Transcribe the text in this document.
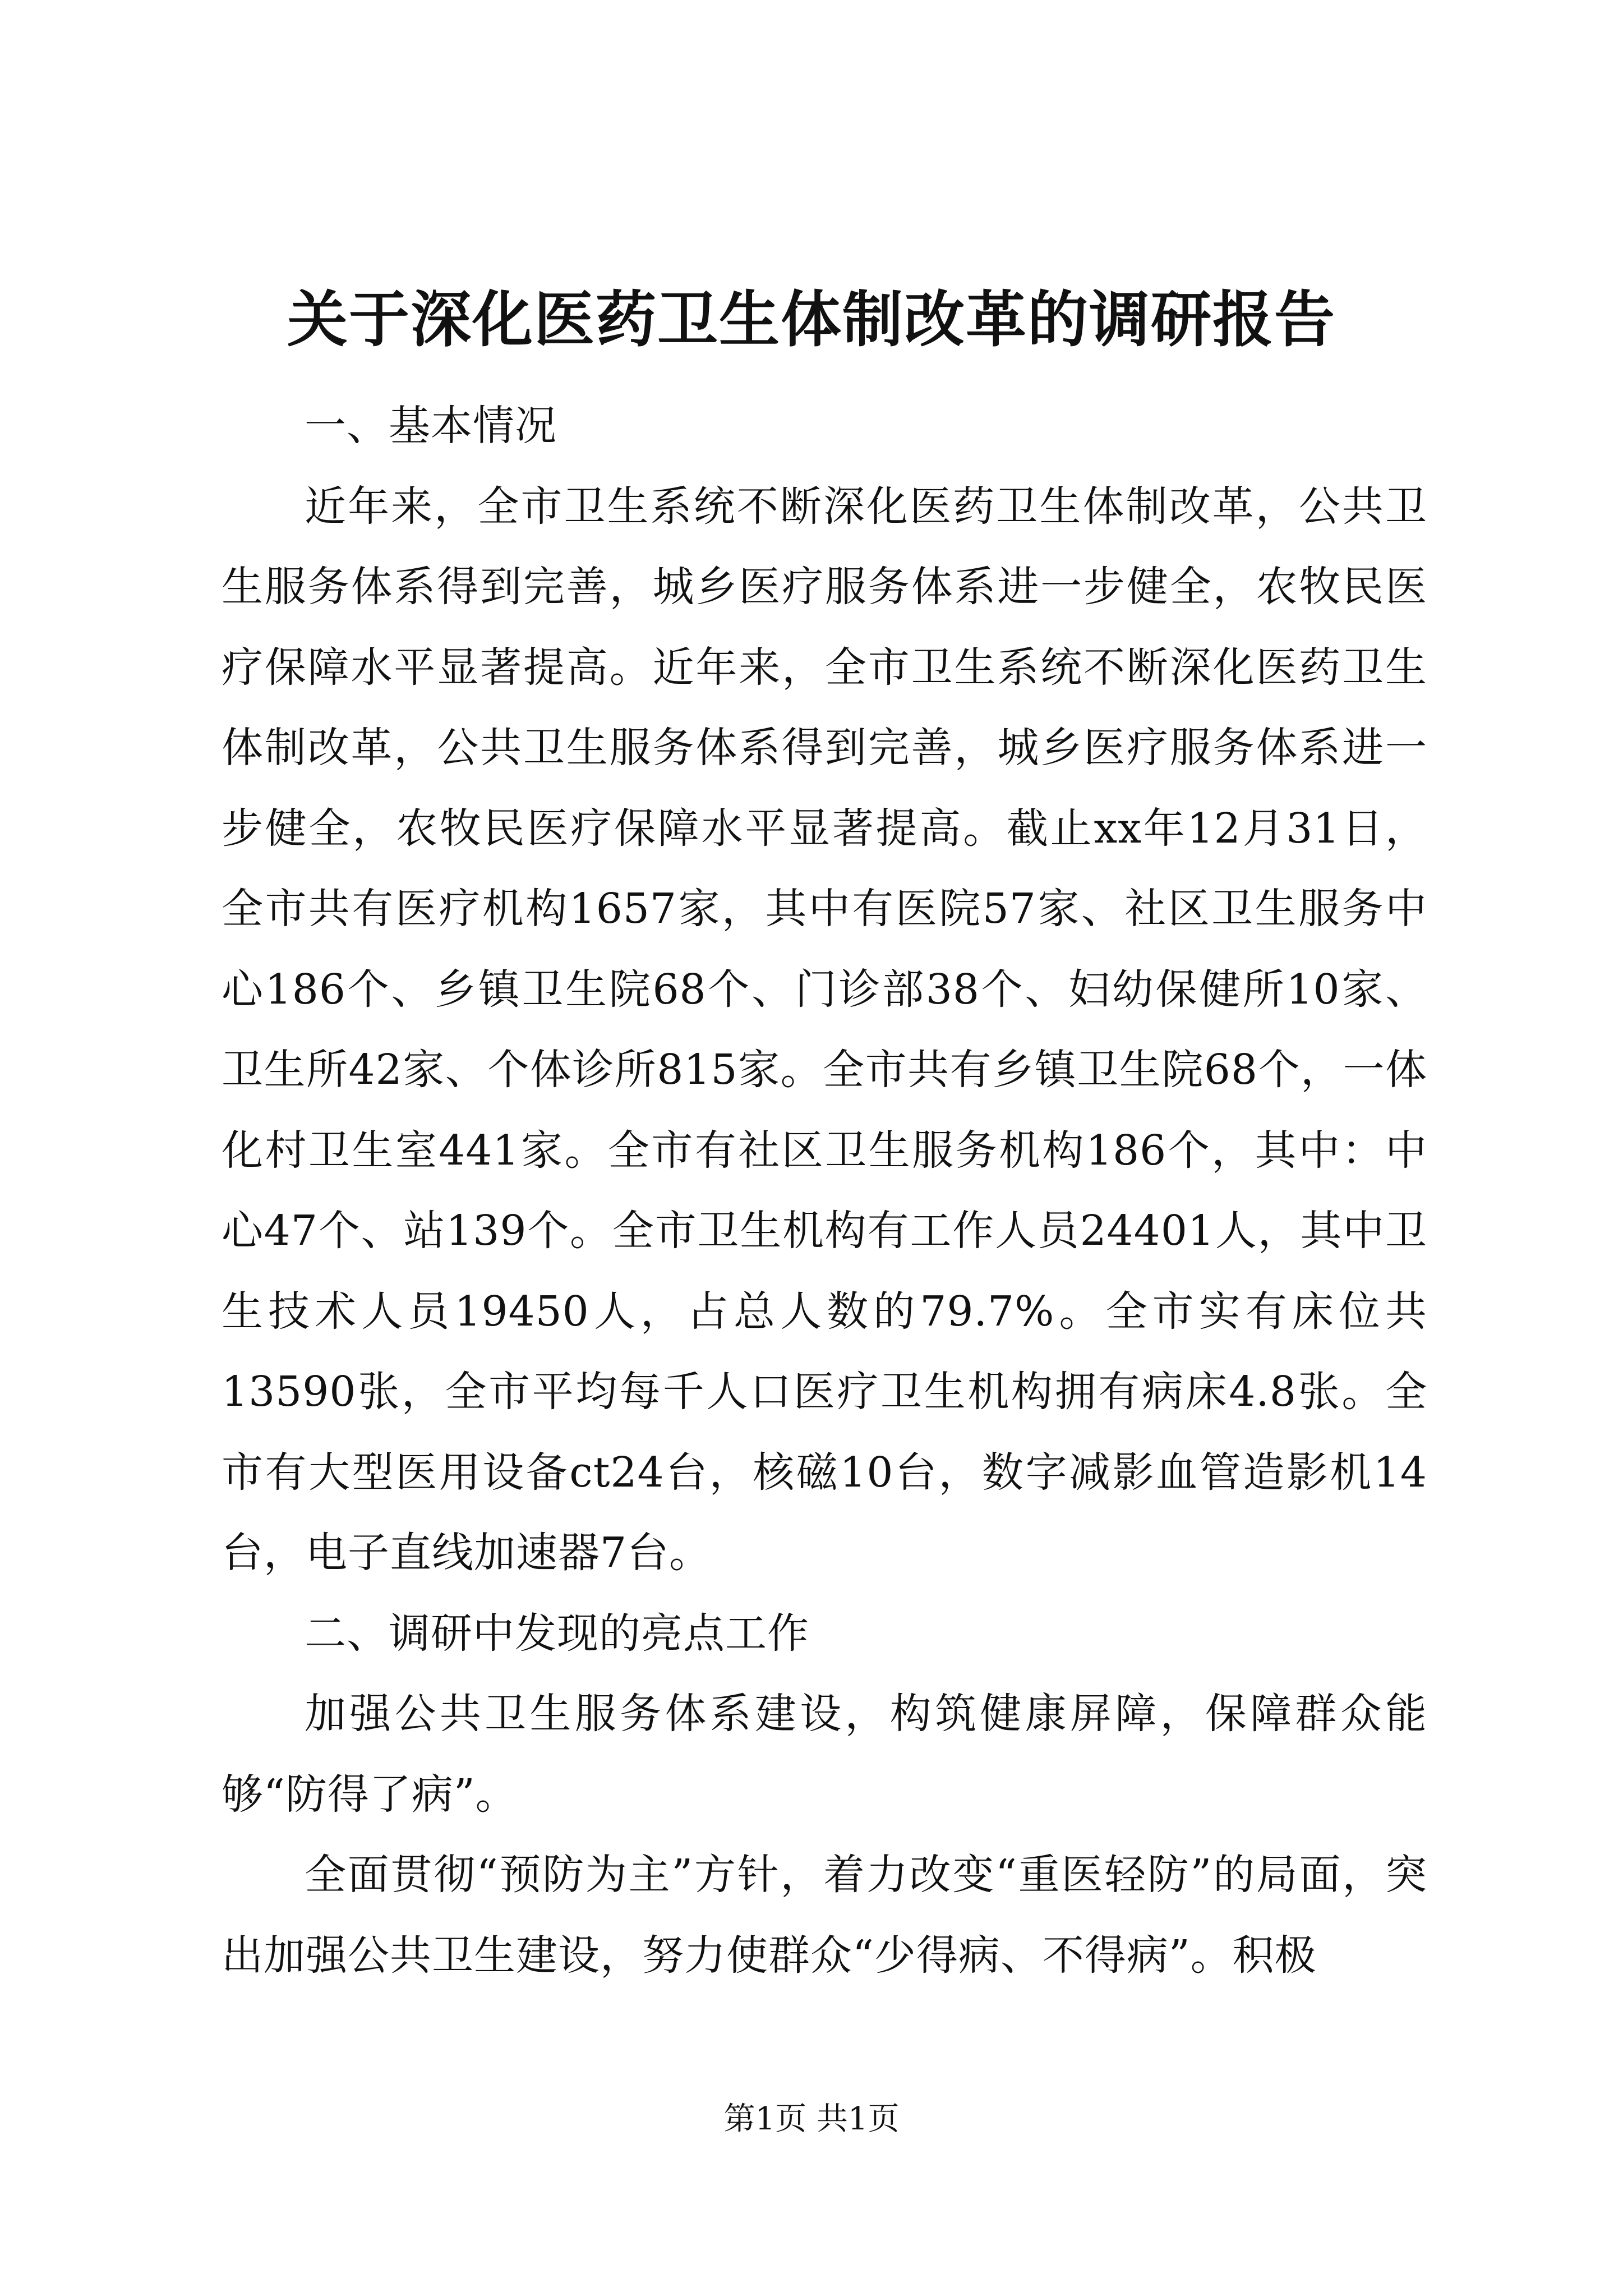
关于深化医药卫生体制改革的调研报告

一、基本情况

近年来，全市卫生系统不断深化医药卫生体制改革，公共卫生服务体系得到完善，城乡医疗服务体系进一步健全，农牧民医疗保障水平显著提高。近年来，全市卫生系统不断深化医药卫生体制改革，公共卫生服务体系得到完善，城乡医疗服务体系进一步健全，农牧民医疗保障水平显著提高。截止xx年12月31日，全市共有医疗机构1657家，其中有医院57家、社区卫生服务中心186个、乡镇卫生院68个、门诊部38个、妇幼保健所10家、卫生所42家、个体诊所815家。全市共有乡镇卫生院68个，一体化村卫生室441家。全市有社区卫生服务机构186个，其中：中心47个、站139个。全市卫生机构有工作人员24401人，其中卫生技术人员19450人，占总人数的79.7%。全市实有床位共13590张，全市平均每千人口医疗卫生机构拥有病床4.8张。全市有大型医用设备ct24台，核磁10台，数字减影血管造影机14台，电子直线加速器7台。

二、调研中发现的亮点工作

加强公共卫生服务体系建设，构筑健康屏障，保障群众能够“防得了病”。

全面贯彻“预防为主”方针，着力改变“重医轻防”的局面，突出加强公共卫生建设，努力使群众“少得病、不得病”。积极

第1页 共1页
